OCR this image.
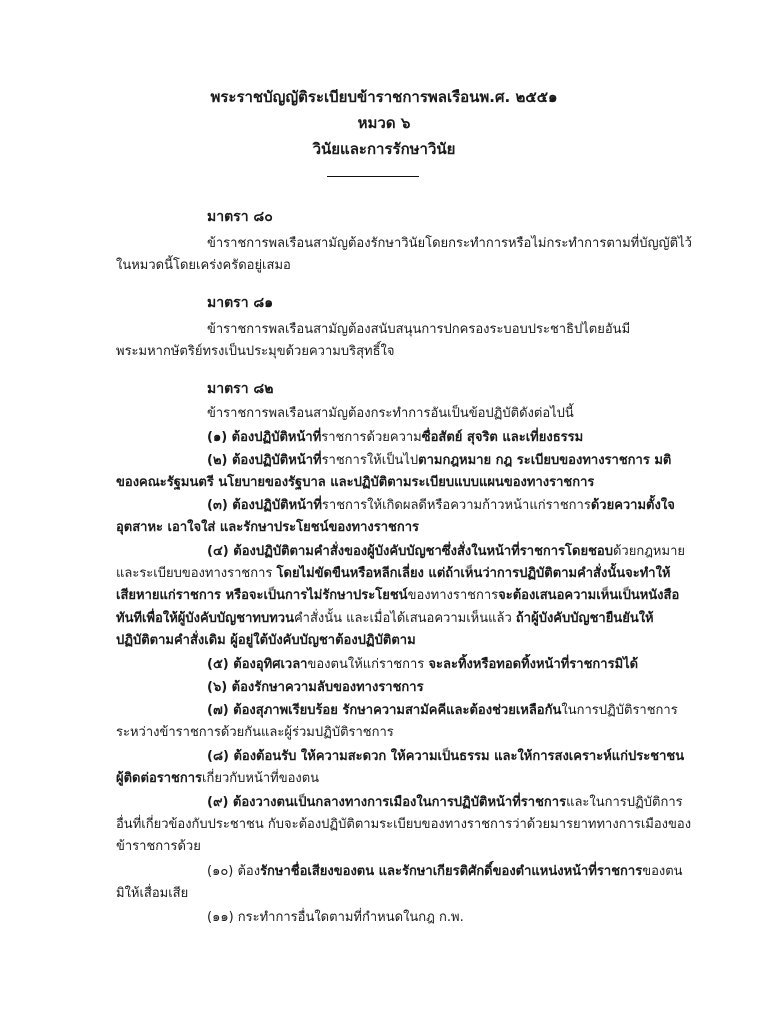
พระราชบัญญัติระเบียบข้าราชการพลเรือนพ.ศ. ๒๕๕๑
หมวด ๖
วินัยและการรักษาวินัย
มาตรา ๘๐
ข้าราชการพลเรือนสามัญต้องรักษาวินัยโดยกระทำการหรือไม่กระทำการตามที่บัญญัติไว้
ในหมวดนี้โดยเคร่งครัดอยู่เสมอ
มาตรา ๘๑
ข้าราชการพลเรือนสามัญต้องสนับสนุนการปกครองระบอบประชาธิปไตยอันมี
พระมหากษัตริย์ทรงเป็นประมุขด้วยความบริสุทธิ์ใจ
มาตรา ๘๒
ข้าราชการพลเรือนสามัญต้องกระทำการอันเป็นข้อปฏิบัติดังต่อไปนี้
(๑) ต้องปฏิบัติหน้าที่ราชการด้วยความซื่อสัตย์ สุจริต และเที่ยงธรรม
(๒) ต้องปฏิบัติหน้าที่ราชการให้เป็นไปตามกฎหมาย กฎ ระเบียบของทางราชการ มติ
ของคณะรัฐมนตรี นโยบายของรัฐบาล และปฏิบัติตามระเบียบแบบแผนของทางราชการ
(๓) ต้องปฏิบัติหน้าที่ราชการให้เกิดผลดีหรือความก้าวหน้าแก่ราชการด้วยความตั้งใจ
อุตสาหะ เอาใจใส่ และรักษาประโยชน์ของทางราชการ
(๔) ต้องปฏิบัติตามคำสั่งของผู้บังคับบัญชาซึ่งสั่งในหน้าที่ราชการโดยชอบด้วยกฎหมาย
และระเบียบของทางราชการ โดยไม่ขัดขืนหรือหลีกเลี่ยง แต่ถ้าเห็นว่าการปฏิบัติตามคำสั่งนั้นจะทำให้
เสียหายแก่ราชการ หรือจะเป็นการไม่รักษาประโยชน์ของทางราชการจะต้องเสนอความเห็นเป็นหนังสือ
ทันทีเพื่อให้ผู้บังคับบัญชาทบทวนคำสั่งนั้น และเมื่อได้เสนอความเห็นแล้ว ถ้าผู้บังคับบัญชายืนยันให้
ปฏิบัติตามคำสั่งเดิม ผู้อยู่ใต้บังคับบัญชาต้องปฏิบัติตาม
(๕) ต้องอุทิศเวลาของตนให้แก่ราชการ จะละทิ้งหรือทอดทิ้งหน้าที่ราชการมิได้
(๖) ต้องรักษาความลับของทางราชการ
(๗) ต้องสุภาพเรียบร้อย รักษาความสามัคคีและต้องช่วยเหลือกันในการปฏิบัติราชการ
ระหว่างข้าราชการด้วยกันและผู้ร่วมปฏิบัติราชการ
(๘) ต้องต้อนรับ ให้ความสะดวก ให้ความเป็นธรรม และให้การสงเคราะห์แก่ประชาชน
ผู้ติดต่อราชการเกี่ยวกับหน้าที่ของตน
(๙) ต้องวางตนเป็นกลางทางการเมืองในการปฏิบัติหน้าที่ราชการและในการปฏิบัติการ
อื่นที่เกี่ยวข้องกับประชาชน กับจะต้องปฏิบัติตามระเบียบของทางราชการว่าด้วยมารยาททางการเมืองของ
ข้าราชการด้วย
(๑๐) ต้องรักษาชื่อเสียงของตน และรักษาเกียรติศักดิ์ของตำแหน่งหน้าที่ราชการของตน
มิให้เสื่อมเสีย
(๑๑) กระทำการอื่นใดตามที่กำหนดในกฎ ก.พ.
